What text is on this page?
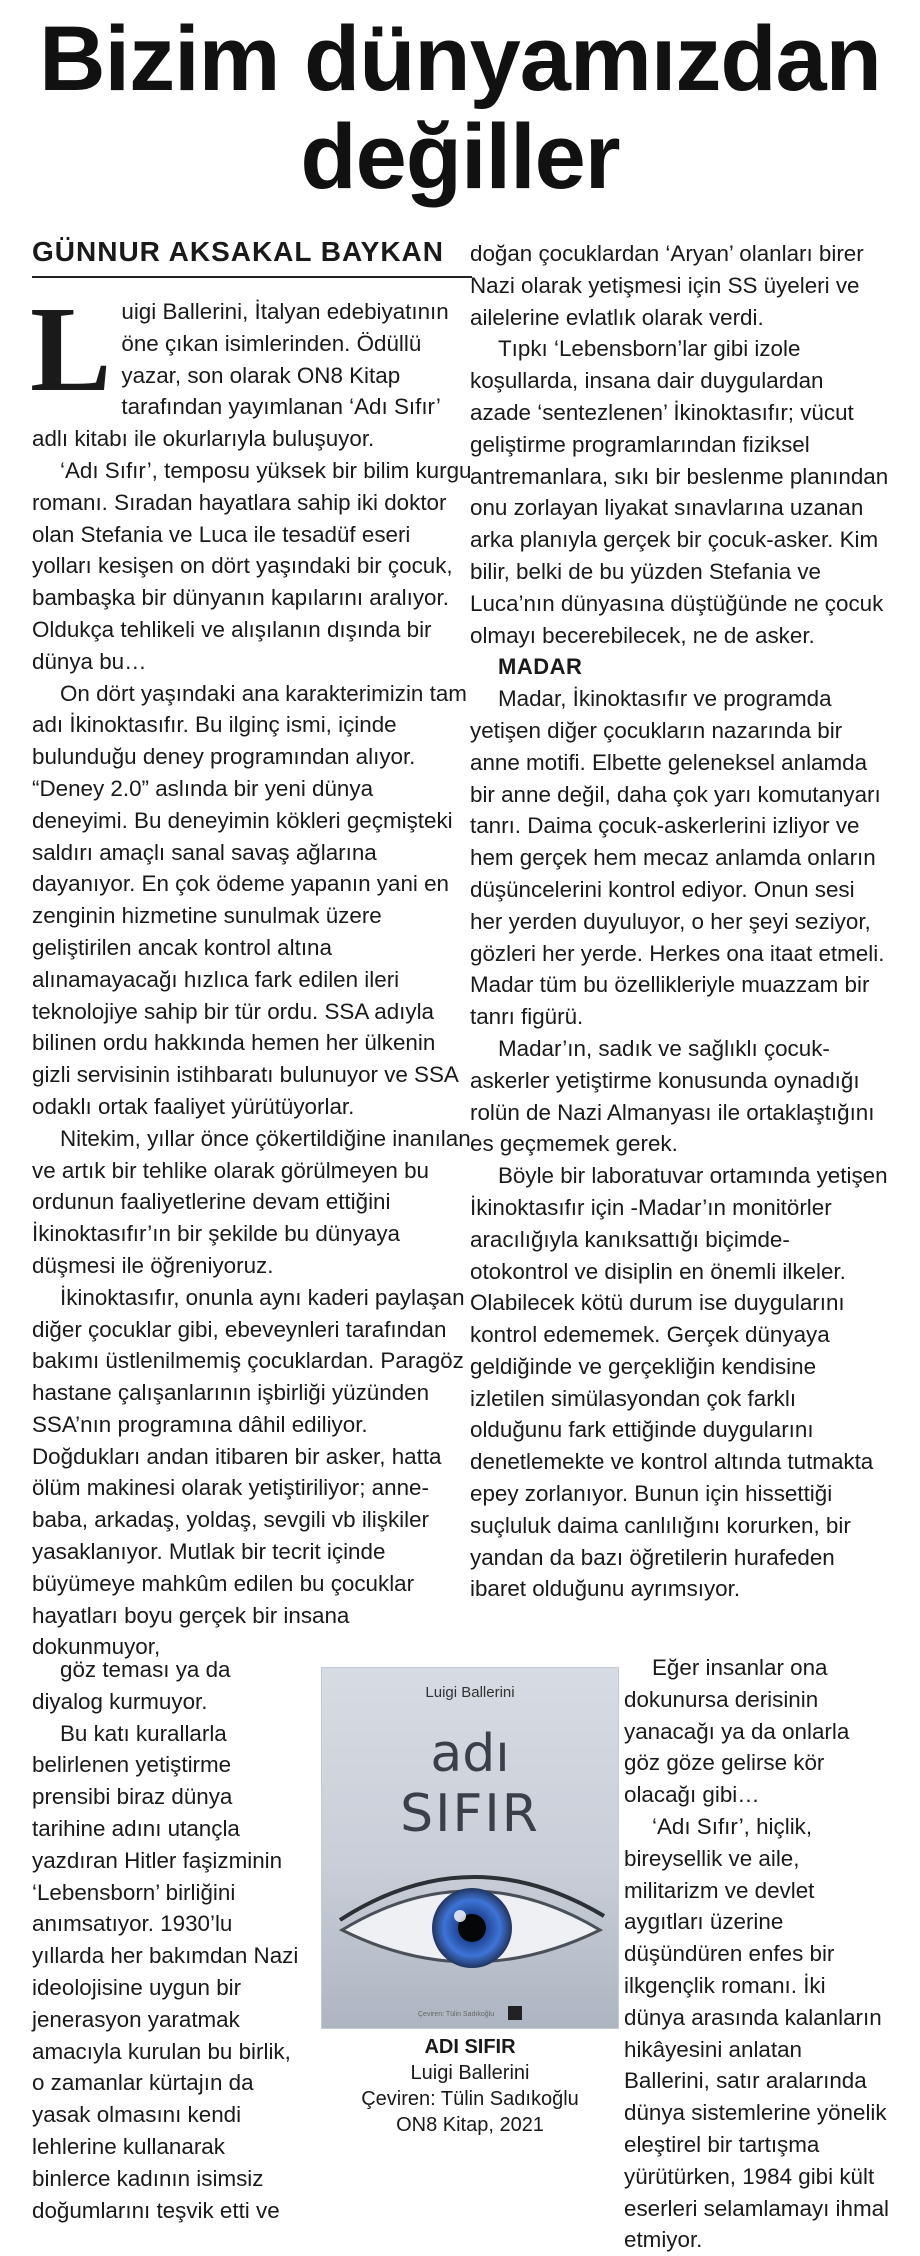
Bizim dünyamızdan
değiller
GÜNNUR AKSAKAL BAYKAN

Luigi Ballerini, İtalyan edebiyatının öne çıkan isimlerinden. Ödüllü yazar, son olarak ON8 Kitap tarafından yayımlanan ‘Adı Sıfır’ adlı kitabı ile okurlarıyla buluşuyor.

‘Adı Sıfır’, temposu yüksek bir bilim kurgu romanı. Sıradan hayatlara sahip iki doktor olan Stefania ve Luca ile tesadüf eseri yolları kesişen on dört yaşındaki bir çocuk, bambaşka bir dünyanın kapılarını aralıyor. Oldukça tehlikeli ve alışılanın dışında bir dünya bu…

On dört yaşındaki ana karakterimizin tam adı İkinoktasıfır. Bu ilginç ismi, içinde bulunduğu deney programından alıyor. “Deney 2.0” aslında bir yeni dünya deneyimi. Bu deneyimin kökleri geçmişteki saldırı amaçlı sanal savaş ağlarına dayanıyor. En çok ödeme yapanın yani en zenginin hizmetine sunulmak üzere geliştirilen ancak kontrol altına alınamayacağı hızlıca fark edilen ileri teknolojiye sahip bir tür ordu. SSA adıyla bilinen ordu hakkında hemen her ülkenin gizli servisinin istihbaratı bulunuyor ve SSA odaklı ortak faaliyet yürütüyorlar.

Nitekim, yıllar önce çökertildiğine inanılan ve artık bir tehlike olarak görülmeyen bu ordunun faaliyetlerine devam ettiğini İkinoktasıfır’ın bir şekilde bu dünyaya düşmesi ile öğreniyoruz.

İkinoktasıfır, onunla aynı kaderi paylaşan diğer çocuklar gibi, ebeveynleri tarafından bakımı üstlenilmemiş çocuklardan. Paragöz hastane çalışanlarının işbirliği yüzünden SSA’nın programına dâhil ediliyor. Doğdukları andan itibaren bir asker, hatta ölüm makinesi olarak yetiştiriliyor; anne-baba, arkadaş, yoldaş, sevgili vb ilişkiler yasaklanıyor. Mutlak bir tecrit içinde büyümeye mahkûm edilen bu çocuklar hayatları boyu gerçek bir insana dokunmuyor,

göz teması ya da diyalog kurmuyor.

Bu katı kurallarla belirlenen yetiştirme prensibi biraz dünya tarihine adını utançla yazdıran Hitler faşizminin ‘Lebensborn’ birliğini anımsatıyor. 1930’lu yıllarda her bakımdan Nazi ideolojisine uygun bir jenerasyon yaratmak amacıyla kurulan bu birlik, o zamanlar kürtajın da yasak olmasını kendi lehlerine kullanarak binlerce kadının isimsiz doğumlarını teşvik etti ve

doğan çocuklardan ‘Aryan’ olanları birer Nazi olarak yetişmesi için SS üyeleri ve ailelerine evlatlık olarak verdi.

Tıpkı ‘Lebensborn’lar gibi izole koşullarda, insana dair duygulardan azade ‘sentezlenen’ İkinoktasıfır; vücut geliştirme programlarından fiziksel antremanlara, sıkı bir beslenme planından onu zorlayan liyakat sınavlarına uzanan arka planıyla gerçek bir çocuk-asker. Kim bilir, belki de bu yüzden Stefania ve Luca’nın dünyasına düştüğünde ne çocuk olmayı becerebilecek, ne de asker.

MADAR

Madar, İkinoktasıfır ve programda yetişen diğer çocukların nazarında bir anne motifi. Elbette geleneksel anlamda bir anne değil, daha çok yarı komutanyarı tanrı. Daima çocuk-askerlerini izliyor ve hem gerçek hem mecaz anlamda onların düşüncelerini kontrol ediyor. Onun sesi her yerden duyuluyor, o her şeyi seziyor, gözleri her yerde. Herkes ona itaat etmeli. Madar tüm bu özellikleriyle muazzam bir tanrı figürü.

Madar’ın, sadık ve sağlıklı çocuk-askerler yetiştirme konusunda oynadığı rolün de Nazi Almanyası ile ortaklaştığını es geçmemek gerek.

Böyle bir laboratuvar ortamında yetişen İkinoktasıfır için -Madar’ın monitörler aracılığıyla kanıksattığı biçimde- otokontrol ve disiplin en önemli ilkeler. Olabilecek kötü durum ise duygularını kontrol edememek. Gerçek dünyaya geldiğinde ve gerçekliğin kendisine izletilen simülasyondan çok farklı olduğunu fark ettiğinde duygularını denetlemekte ve kontrol altında tutmakta epey zorlanıyor. Bunun için hissettiği suçluluk daima canlılığını korurken, bir yandan da bazı öğretilerin hurafeden ibaret olduğunu ayrımsıyor.

Eğer insanlar ona dokunursa derisinin yanacağı ya da onlarla göz göze gelirse kör olacağı gibi…

‘Adı Sıfır’, hiçlik, bireysellik ve aile, militarizm ve devlet aygıtları üzerine düşündüren enfes bir ilkgençlik romanı. İki dünya arasında kalanların hikâyesini anlatan Ballerini, satır aralarında dünya sistemlerine yönelik eleştirel bir tartışma yürütürken, 1984 gibi kült eserleri selamlamayı ihmal etmiyor.

Luigi Ballerini
adı
SIFIR
Çeviren: Tülin Sadıkoğlu
ADI SIFIR
Luigi Ballerini
Çeviren: Tülin Sadıkoğlu
ON8 Kitap, 2021
